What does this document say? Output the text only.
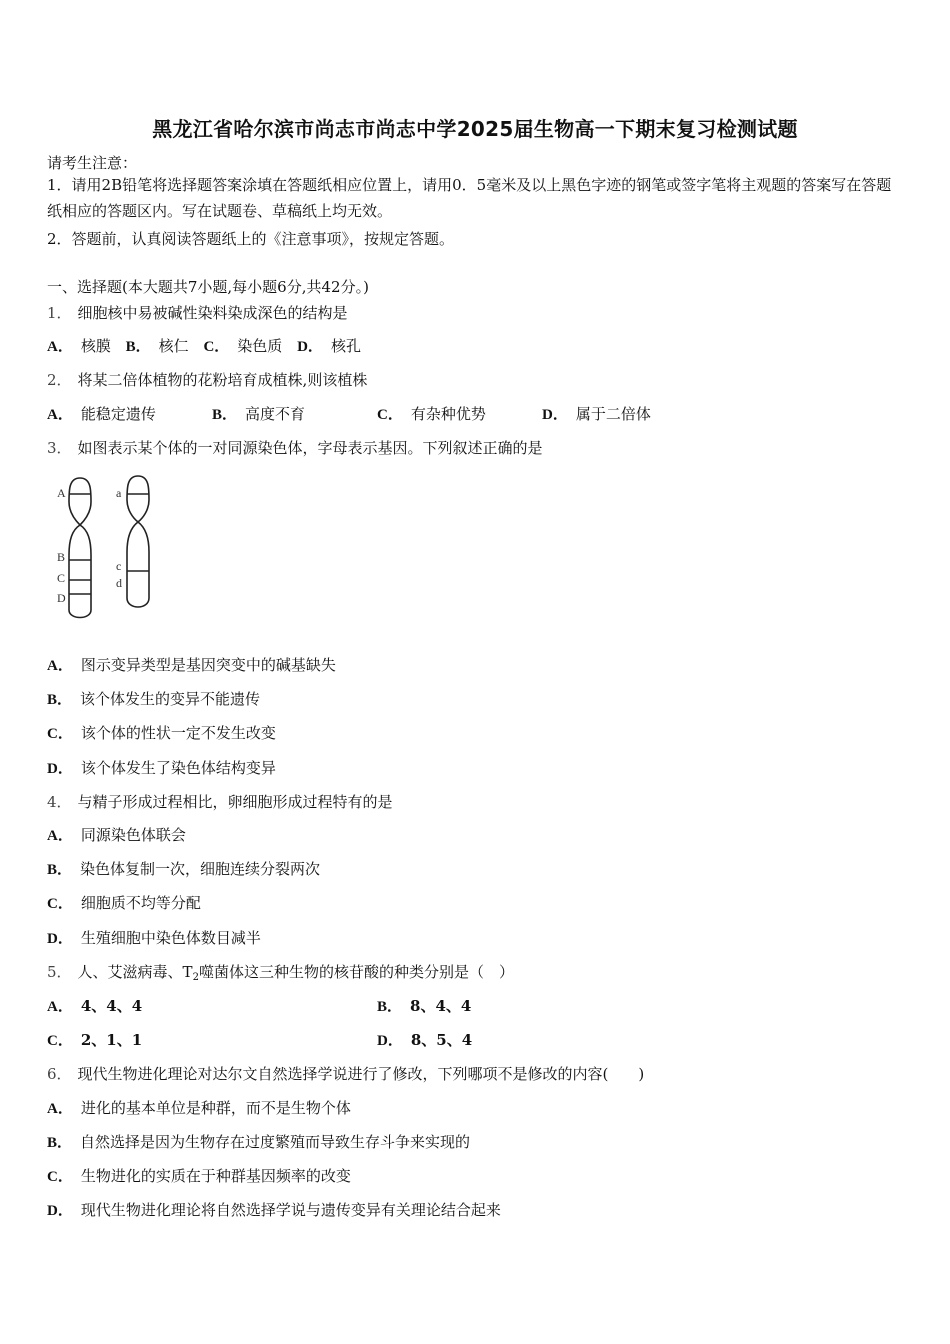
黑龙江省哈尔滨市尚志市尚志中学2025届生物高一下期末复习检测试题
请考生注意：
1．请用2B铅笔将选择题答案涂填在答题纸相应位置上，请用0．5毫米及以上黑色字迹的钢笔或签字笔将主观题的答案写在答题纸相应的答题区内。写在试题卷、草稿纸上均无效。
2．答题前，认真阅读答题纸上的《注意事项》，按规定答题。
一、选择题(本大题共7小题,每小题6分,共42分。)
1． 细胞核中易被碱性染料染成深色的结构是
A． 核膜 B． 核仁 C． 染色质 D． 核孔
2． 将某二倍体植物的花粉培育成植株,则该植株
A． 能稳定遗传	B． 高度不育	C． 有杂种优势	D． 属于二倍体
3． 如图表示某个体的一对同源染色体，字母表示基因。下列叙述正确的是
A
B
C
D
a
c
d
A． 图示变异类型是基因突变中的碱基缺失
B． 该个体发生的变异不能遗传
C． 该个体的性状一定不发生改变
D． 该个体发生了染色体结构变异
4． 与精子形成过程相比，卵细胞形成过程特有的是
A． 同源染色体联会
B． 染色体复制一次，细胞连续分裂两次
C． 细胞质不均等分配
D． 生殖细胞中染色体数目减半
5． 人、艾滋病毒、$T_2$噬菌体这三种生物的核苷酸的种类分别是（　）
A． 4、4、4	B． 8、4、4
C． 2、1、1	D． 8、5、4
6． 现代生物进化理论对达尔文自然选择学说进行了修改，下列哪项不是修改的内容(　　)
A． 进化的基本单位是种群，而不是生物个体
B． 自然选择是因为生物存在过度繁殖而导致生存斗争来实现的
C． 生物进化的实质在于种群基因频率的改变
D． 现代生物进化理论将自然选择学说与遗传变异有关理论结合起来
